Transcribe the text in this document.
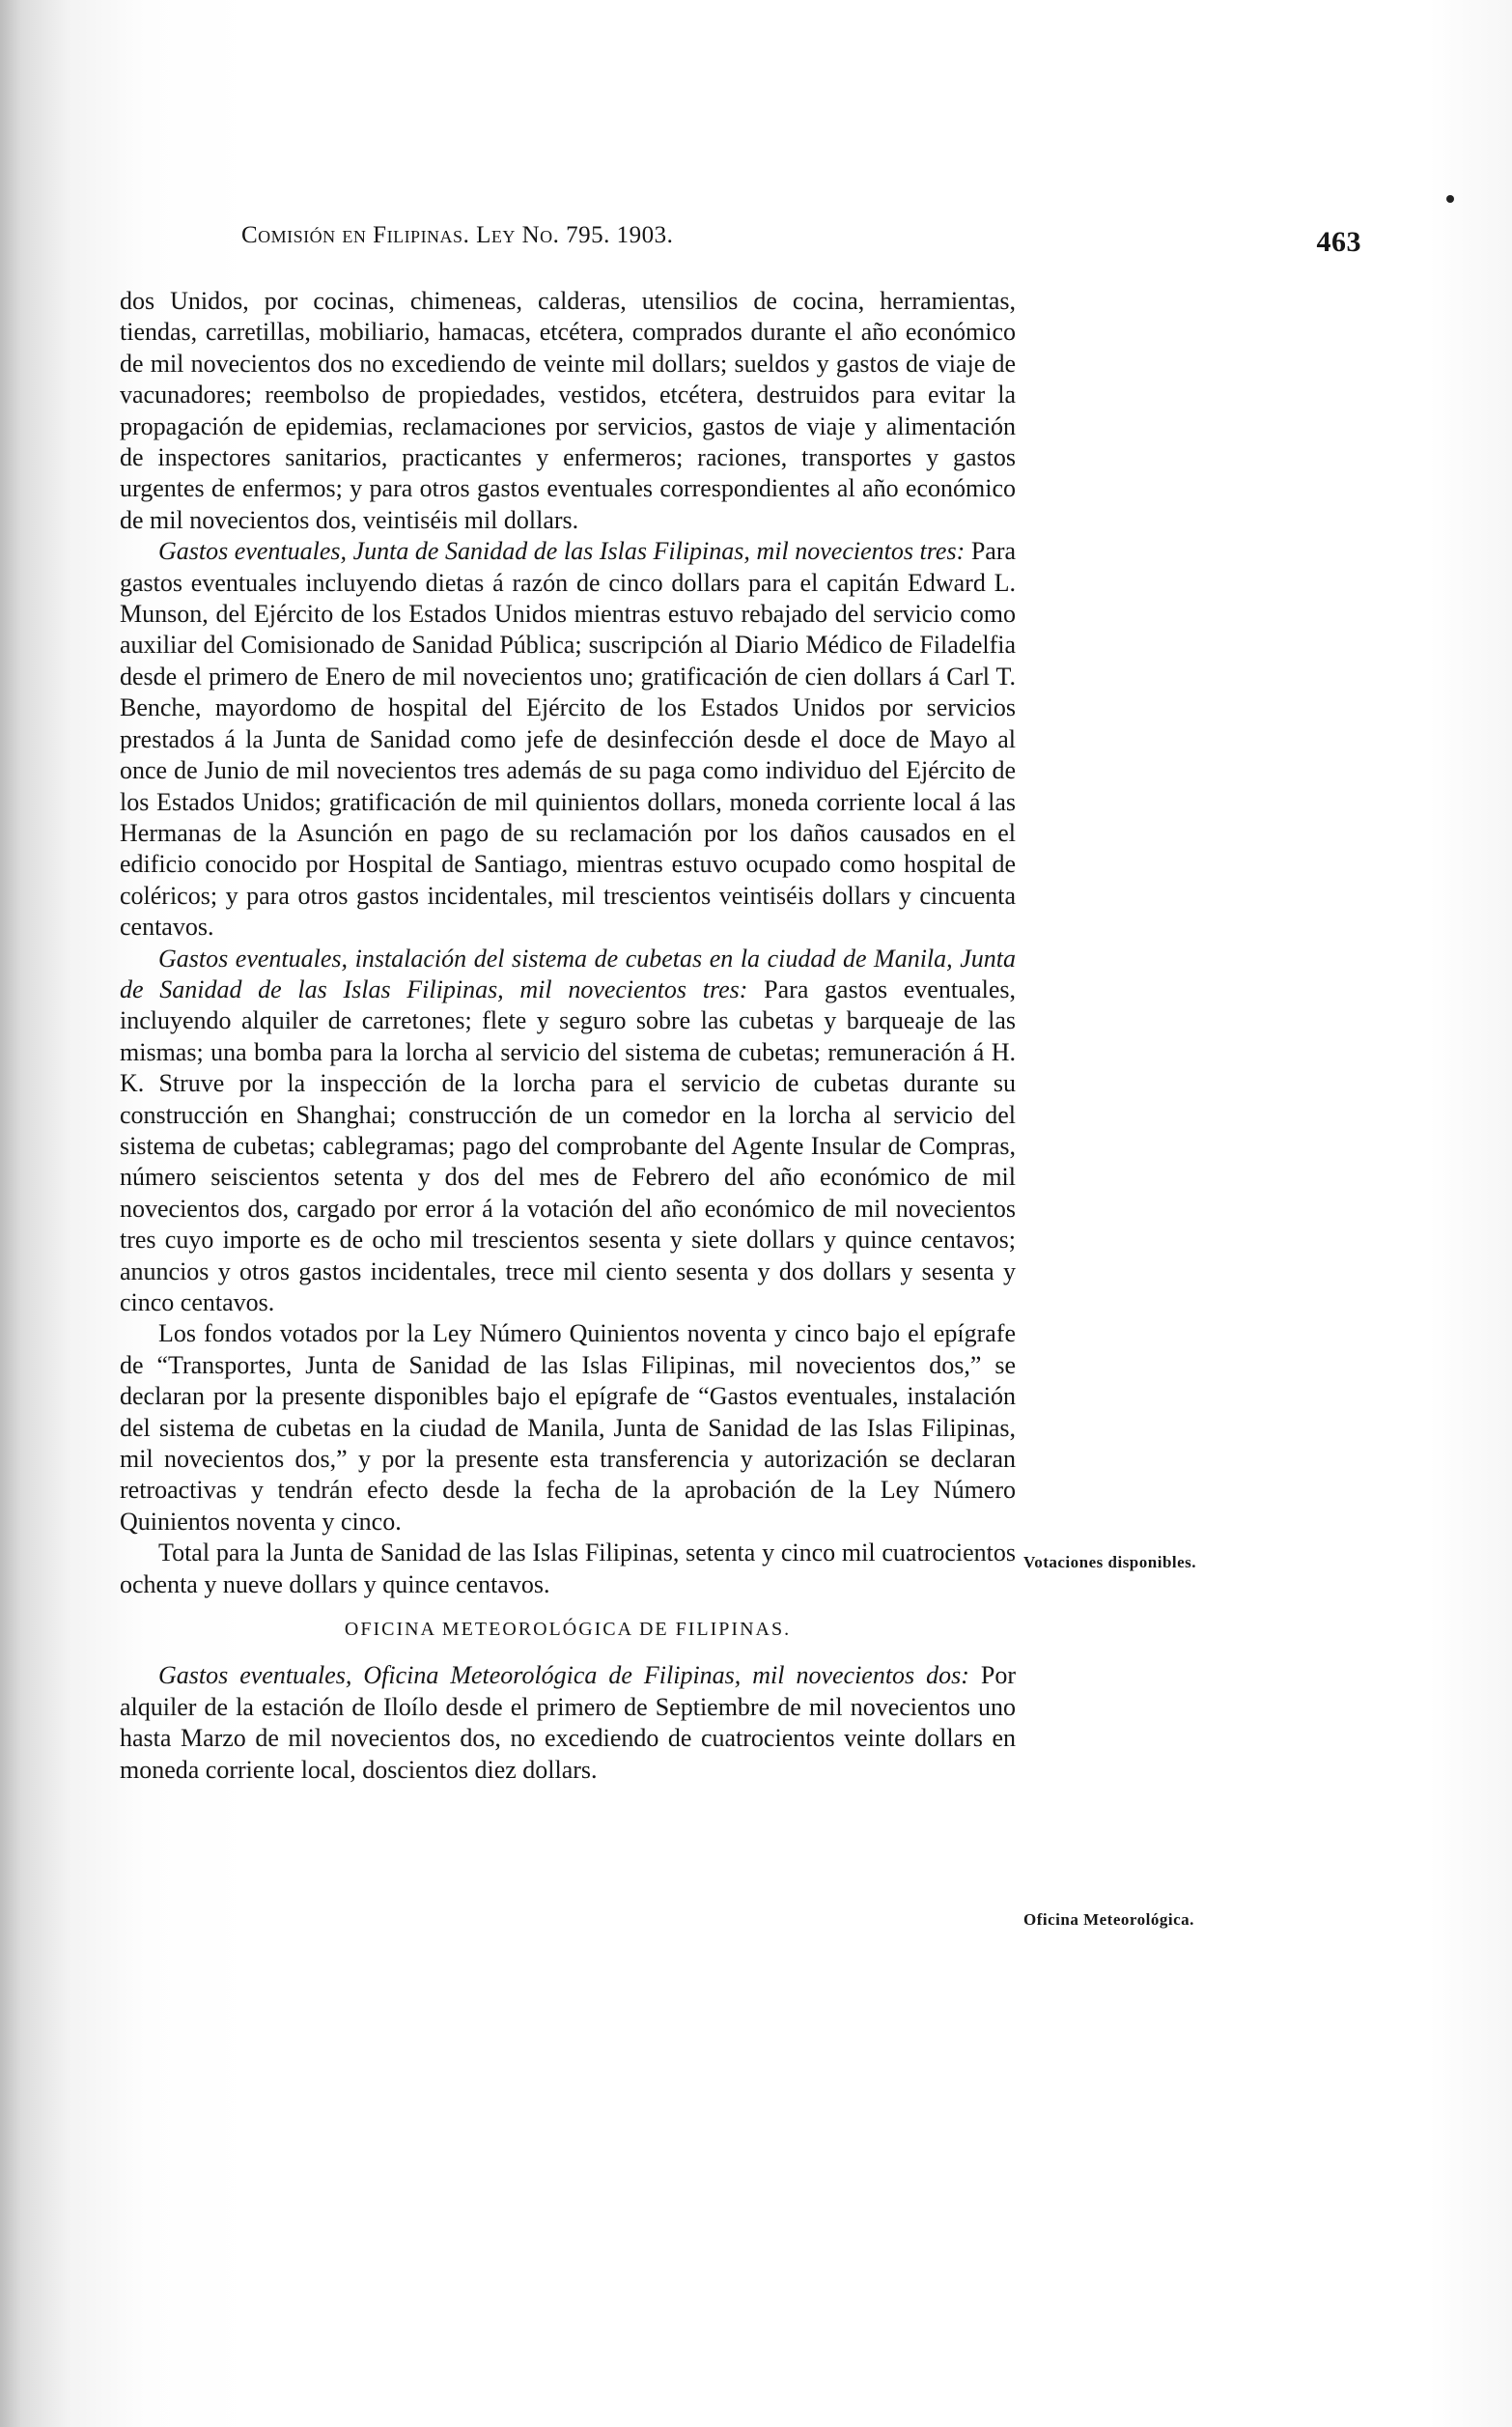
Comisión en Filipinas. Ley No. 795. 1903.	463

dos Unidos, por cocinas, chimeneas, calderas, utensilios de cocina, herramientas, tiendas, carretillas, mobiliario, hamacas, etcétera, comprados durante el año económico de mil novecientos dos no excediendo de veinte mil dollars; sueldos y gastos de viaje de vacunadores; reembolso de propiedades, vestidos, etcétera, destruidos para evitar la propagación de epidemias, reclamaciones por servicios, gastos de viaje y alimentación de inspectores sanitarios, practicantes y enfermeros; raciones, transportes y gastos urgentes de enfermos; y para otros gastos eventuales correspondientes al año económico de mil novecientos dos, veintiséis mil dollars.

Gastos eventuales, Junta de Sanidad de las Islas Filipinas, mil novecientos tres: Para gastos eventuales incluyendo dietas á razón de cinco dollars para el capitán Edward L. Munson, del Ejército de los Estados Unidos mientras estuvo rebajado del servicio como auxiliar del Comisionado de Sanidad Pública; suscripción al Diario Médico de Filadelfia desde el primero de Enero de mil novecientos uno; gratificación de cien dollars á Carl T. Benche, mayordomo de hospital del Ejército de los Estados Unidos por servicios prestados á la Junta de Sanidad como jefe de desinfección desde el doce de Mayo al once de Junio de mil novecientos tres además de su paga como individuo del Ejército de los Estados Unidos; gratificación de mil quinientos dollars, moneda corriente local á las Hermanas de la Asunción en pago de su reclamación por los daños causados en el edificio conocido por Hospital de Santiago, mientras estuvo ocupado como hospital de coléricos; y para otros gastos incidentales, mil trescientos veintiséis dollars y cincuenta centavos.

Gastos eventuales, instalación del sistema de cubetas en la ciudad de Manila, Junta de Sanidad de las Islas Filipinas, mil novecientos tres: Para gastos eventuales, incluyendo alquiler de carretones; flete y seguro sobre las cubetas y barqueaje de las mismas; una bomba para la lorcha al servicio del sistema de cubetas; remuneración á H. K. Struve por la inspección de la lorcha para el servicio de cubetas durante su construcción en Shanghai; construcción de un comedor en la lorcha al servicio del sistema de cubetas; cablegramas; pago del comprobante del Agente Insular de Compras, número seiscientos setenta y dos del mes de Febrero del año económico de mil novecientos dos, cargado por error á la votación del año económico de mil novecientos tres cuyo importe es de ocho mil trescientos sesenta y siete dollars y quince centavos; anuncios y otros gastos incidentales, trece mil ciento sesenta y dos dollars y sesenta y cinco centavos.

Los fondos votados por la Ley Número Quinientos noventa y cinco bajo el epígrafe de “Transportes, Junta de Sanidad de las Islas Filipinas, mil novecientos dos,” se declaran por la presente disponibles bajo el epígrafe de “Gastos eventuales, instalación del sistema de cubetas en la ciudad de Manila, Junta de Sanidad de las Islas Filipinas, mil novecientos dos,” y por la presente esta transferencia y autorización se declaran retroactivas y tendrán efecto desde la fecha de la aprobación de la Ley Número Quinientos noventa y cinco.

Total para la Junta de Sanidad de las Islas Filipinas, setenta y cinco mil cuatrocientos ochenta y nueve dollars y quince centavos.

OFICINA METEOROLÓGICA DE FILIPINAS.

Gastos eventuales, Oficina Meteorológica de Filipinas, mil novecientos dos: Por alquiler de la estación de Iloílo desde el primero de Septiembre de mil novecientos uno hasta Marzo de mil novecientos dos, no excediendo de cuatrocientos veinte dollars en moneda corriente local, doscientos diez dollars.

Votaciones disponibles.
Oficina Meteorológica.
